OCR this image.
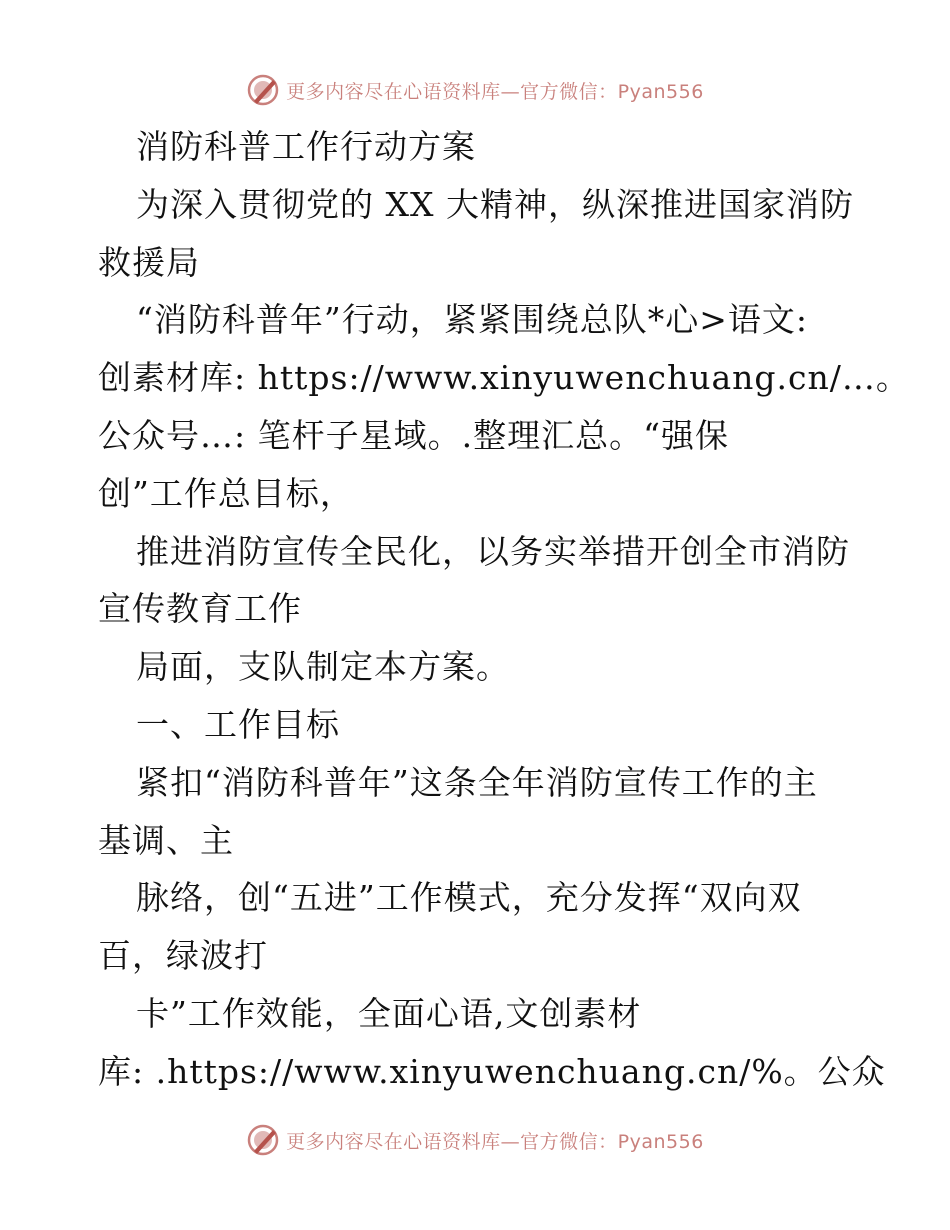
更多内容尽在心语资料库—官方微信：Pyan556
消防科普工作行动方案
为深入贯彻党的 XX 大精神，纵深推进国家消防
救援局
“消防科普年”行动，紧紧围绕总队*心>语文:
创素材库: https://www.xinyuwenchuang.cn/…。
公众号…: 笔杆子星域。.整理汇总。“强保
创”工作总目标，
推进消防宣传全民化，以务实举措开创全市消防
宣传教育工作
局面，支队制定本方案。
一、工作目标
紧扣“消防科普年”这条全年消防宣传工作的主
基调、主
脉络，创“五进”工作模式，充分发挥“双向双
百，绿波打
卡”工作效能，全面心语,文创素材
库: .https://www.xinyuwenchuang.cn/%。公众
更多内容尽在心语资料库—官方微信：Pyan556
